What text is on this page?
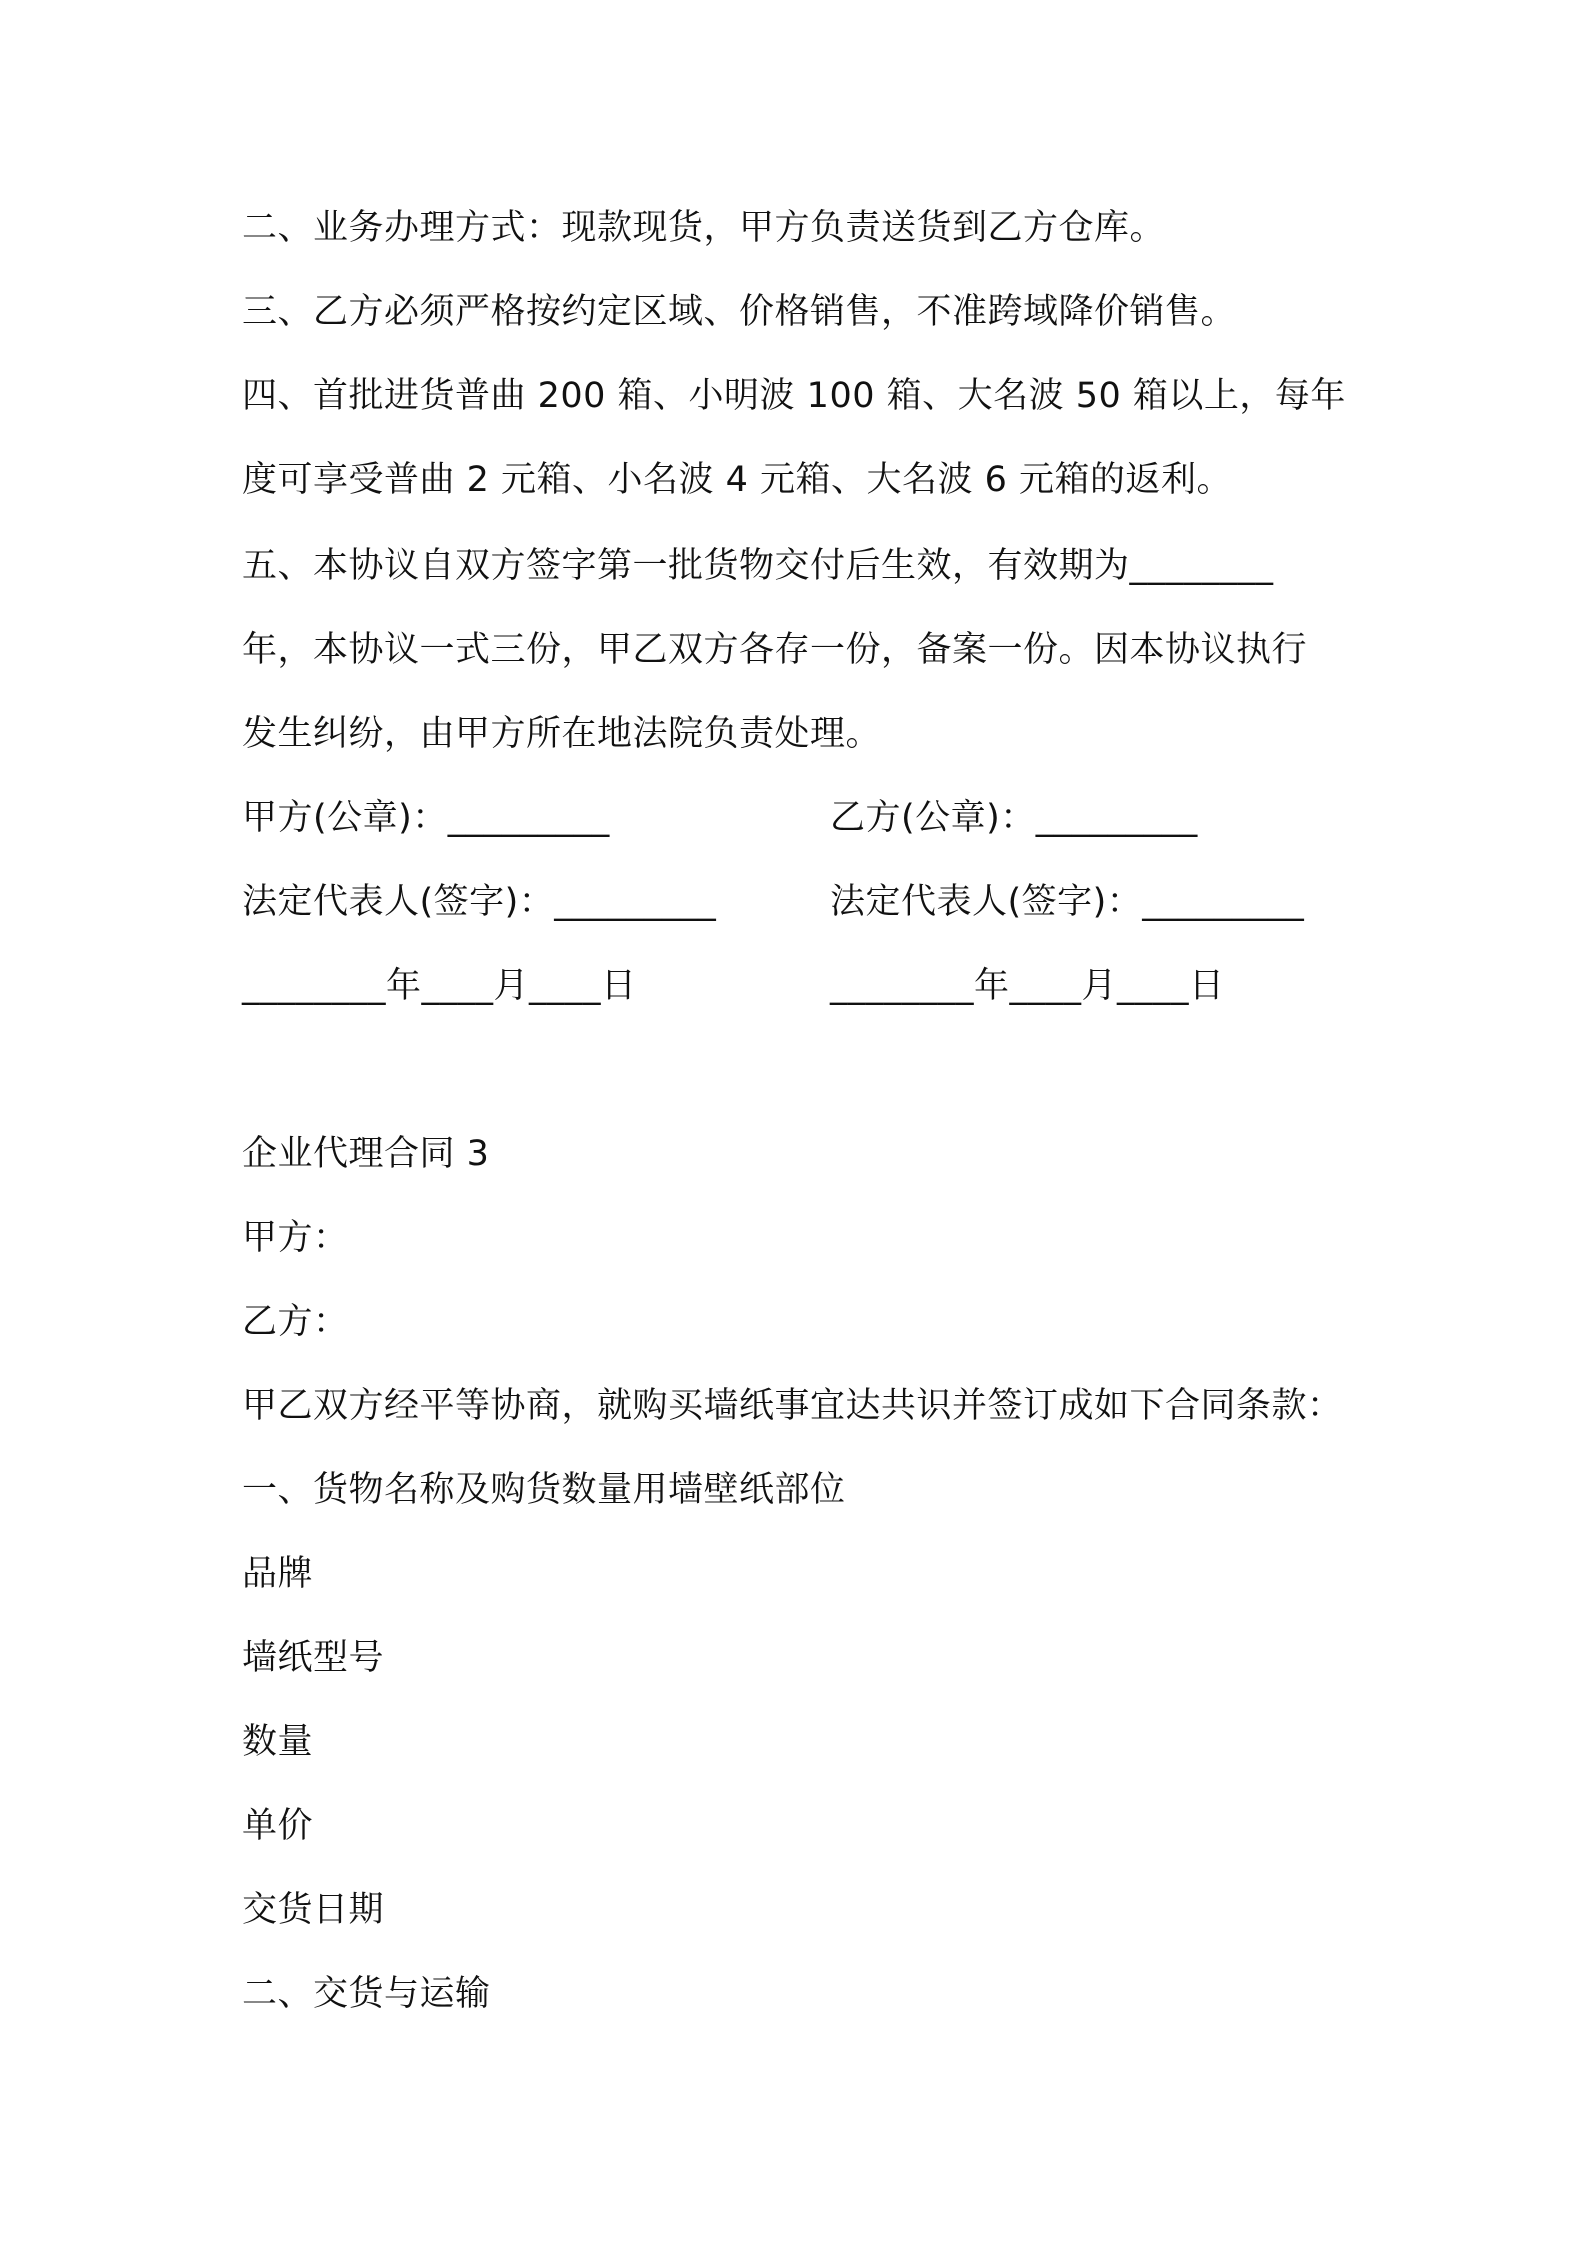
二、业务办理方式：现款现货，甲方负责送货到乙方仓库。
三、乙方必须严格按约定区域、价格销售，不准跨域降价销售。
四、首批进货普曲 200 箱、小明波 100 箱、大名波 50 箱以上，每年
度可享受普曲 2 元箱、小名波 4 元箱、大名波 6 元箱的返利。
五、本协议自双方签字第一批货物交付后生效，有效期为________
年，本协议一式三份，甲乙双方各存一份，备案一份。因本协议执行
发生纠纷，由甲方所在地法院负责处理。
甲方(公章)：_________	乙方(公章)：_________
法定代表人(签字)：_________	法定代表人(签字)：_________
________年____月____日	________年____月____日
企业代理合同 3
甲方：
乙方：
甲乙双方经平等协商，就购买墙纸事宜达共识并签订成如下合同条款：
一、货物名称及购货数量用墙壁纸部位
品牌
墙纸型号
数量
单价
交货日期
二、交货与运输
